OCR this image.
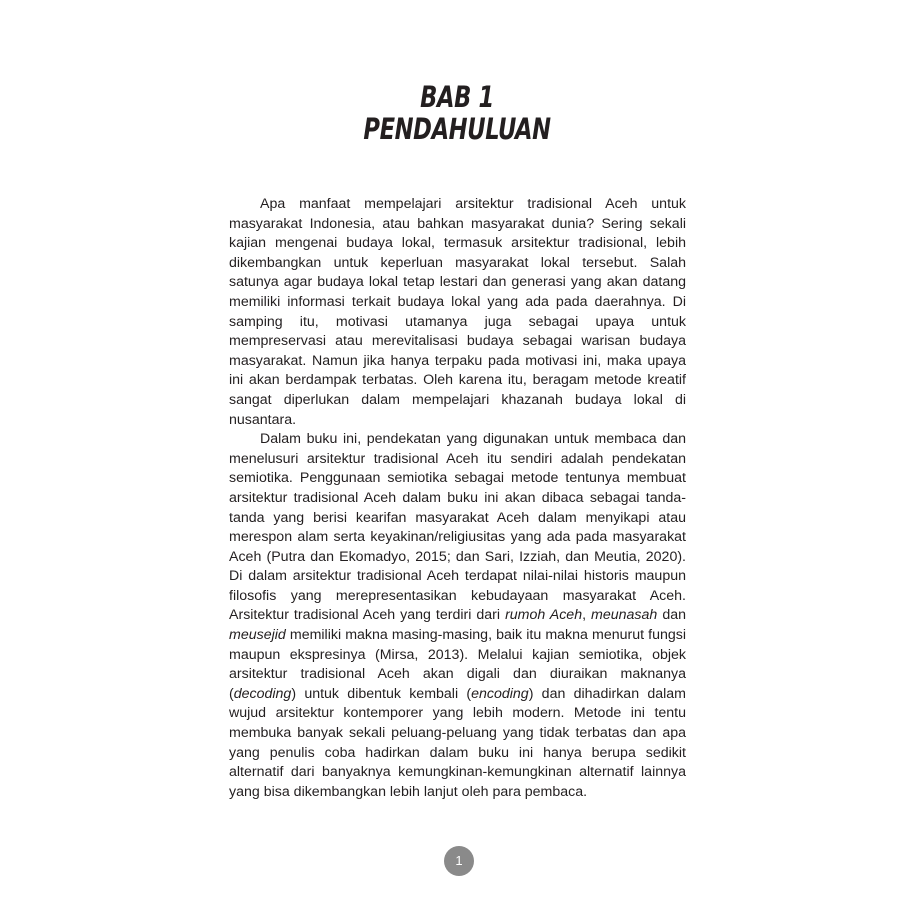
BAB 1
PENDAHULUAN

Apa manfaat mempelajari arsitektur tradisional Aceh untuk masyarakat Indonesia, atau bahkan masyarakat dunia? Sering sekali kajian mengenai budaya lokal, termasuk arsitektur tradisional, lebih dikembangkan untuk keperluan masyarakat lokal tersebut. Salah satunya agar budaya lokal tetap lestari dan generasi yang akan datang memiliki informasi terkait budaya lokal yang ada pada daerahnya. Di samping itu, motivasi utamanya juga sebagai upaya untuk mempreservasi atau merevitalisasi budaya sebagai warisan budaya masyarakat. Namun jika hanya terpaku pada motivasi ini, maka upaya ini akan berdampak terbatas. Oleh karena itu, beragam metode kreatif sangat diperlukan dalam mempelajari khazanah budaya lokal di nusantara.

Dalam buku ini, pendekatan yang digunakan untuk membaca dan menelusuri arsitektur tradisional Aceh itu sendiri adalah pendekatan semiotika. Penggunaan semiotika sebagai metode tentunya membuat arsitektur tradisional Aceh dalam buku ini akan dibaca sebagai tanda-tanda yang berisi kearifan masyarakat Aceh dalam menyikapi atau merespon alam serta keyakinan/religiusitas yang ada pada masyarakat Aceh (Putra dan Ekomadyo, 2015; dan Sari, Izziah, dan Meutia, 2020). Di dalam arsitektur tradisional Aceh terdapat nilai-nilai historis maupun filosofis yang merepresentasikan kebudayaan masyarakat Aceh. Arsitektur tradisional Aceh yang terdiri dari rumoh Aceh, meunasah dan meusejid memiliki makna masing-masing, baik itu makna menurut fungsi maupun ekspresinya (Mirsa, 2013). Melalui kajian semiotika, objek arsitektur tradisional Aceh akan digali dan diuraikan maknanya (decoding) untuk dibentuk kembali (encoding) dan dihadirkan dalam wujud arsitektur kontemporer yang lebih modern. Metode ini tentu membuka banyak sekali peluang-peluang yang tidak terbatas dan apa yang penulis coba hadirkan dalam buku ini hanya berupa sedikit alternatif dari banyaknya kemungkinan-kemungkinan alternatif lainnya yang bisa dikembangkan lebih lanjut oleh para pembaca.

1
